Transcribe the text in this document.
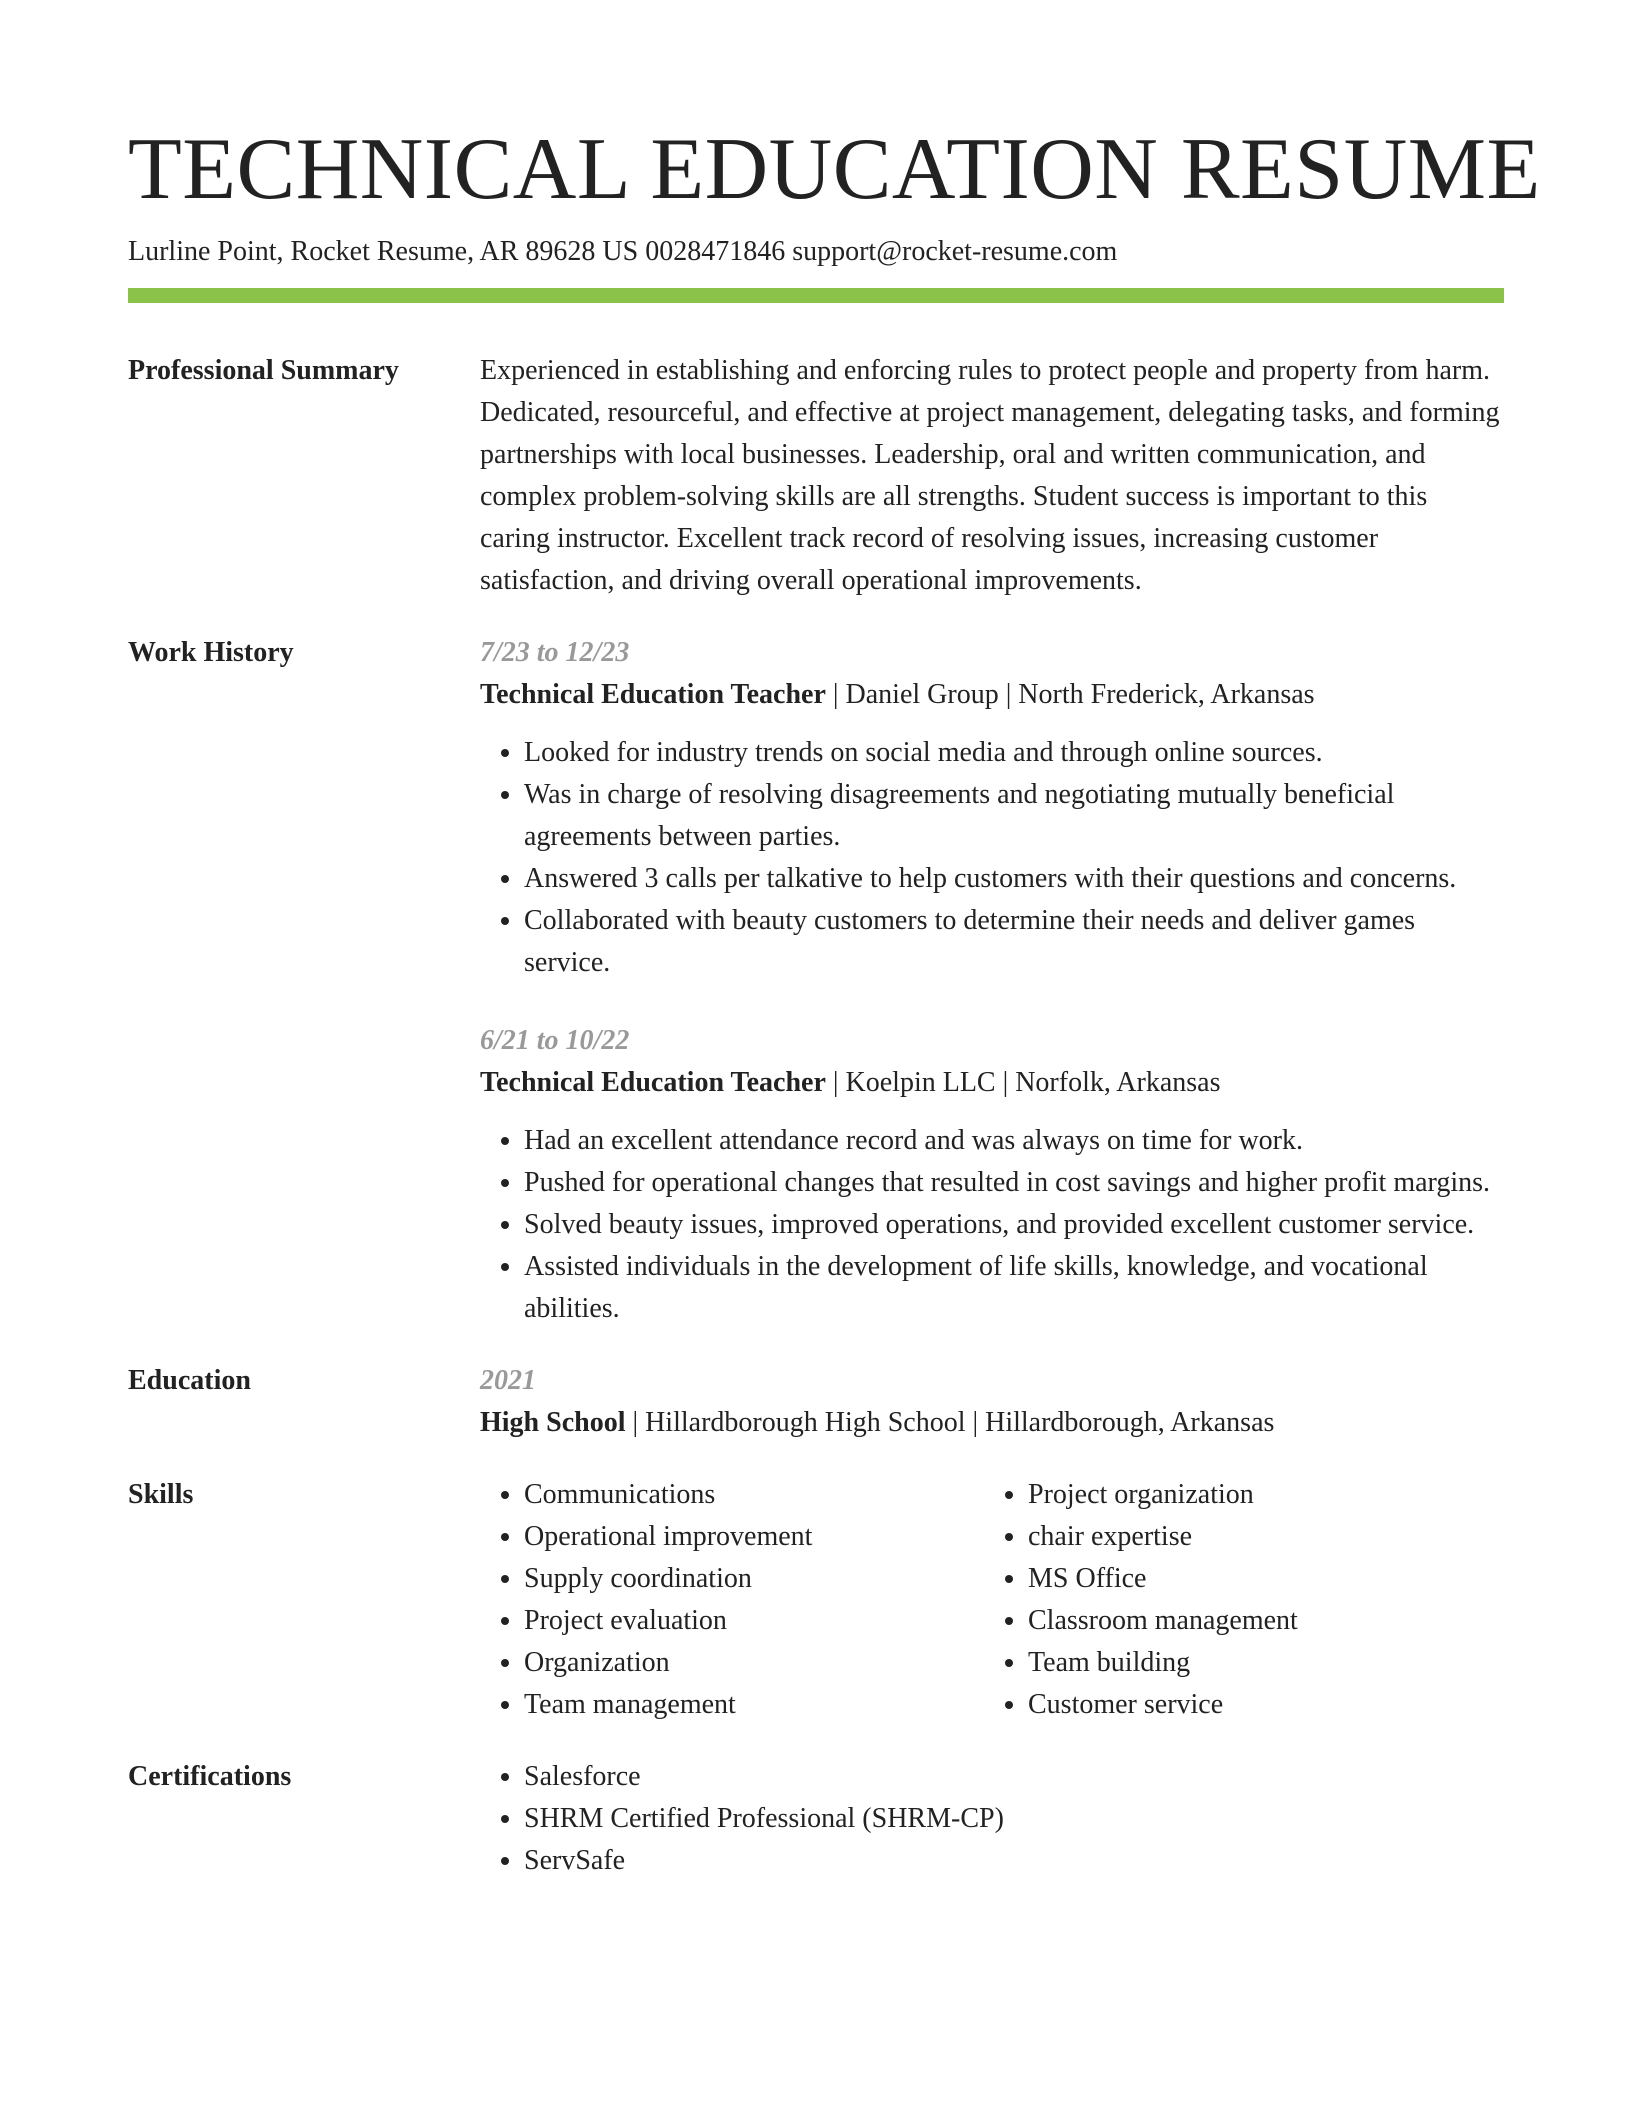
TECHNICAL EDUCATION RESUME
Lurline Point, Rocket Resume, AR 89628 US 0028471846 support@rocket-resume.com
Professional Summary	Experienced in establishing and enforcing rules to protect people and property from harm. Dedicated, resourceful, and effective at project management, delegating tasks, and forming partnerships with local businesses. Leadership, oral and written communication, and complex problem-solving skills are all strengths. Student success is important to this caring instructor. Excellent track record of resolving issues, increasing customer satisfaction, and driving overall operational improvements.

Work History	7/23 to 12/23
Technical Education Teacher | Daniel Group | North Frederick, Arkansas
• Looked for industry trends on social media and through online sources.
• Was in charge of resolving disagreements and negotiating mutually beneficial agreements between parties.
• Answered 3 calls per talkative to help customers with their questions and concerns.
• Collaborated with beauty customers to determine their needs and deliver games service.
6/21 to 10/22
Technical Education Teacher | Koelpin LLC | Norfolk, Arkansas
• Had an excellent attendance record and was always on time for work.
• Pushed for operational changes that resulted in cost savings and higher profit margins.
• Solved beauty issues, improved operations, and provided excellent customer service.
• Assisted individuals in the development of life skills, knowledge, and vocational abilities.
Education	2021
High School | Hillardborough High School | Hillardborough, Arkansas
Skills	• Communications
• Operational improvement
• Supply coordination
• Project evaluation
• Organization
• Team management
• Project organization
• chair expertise
• MS Office
• Classroom management
• Team building
• Customer service
Certifications	• Salesforce
• SHRM Certified Professional (SHRM-CP)
• ServSafe
